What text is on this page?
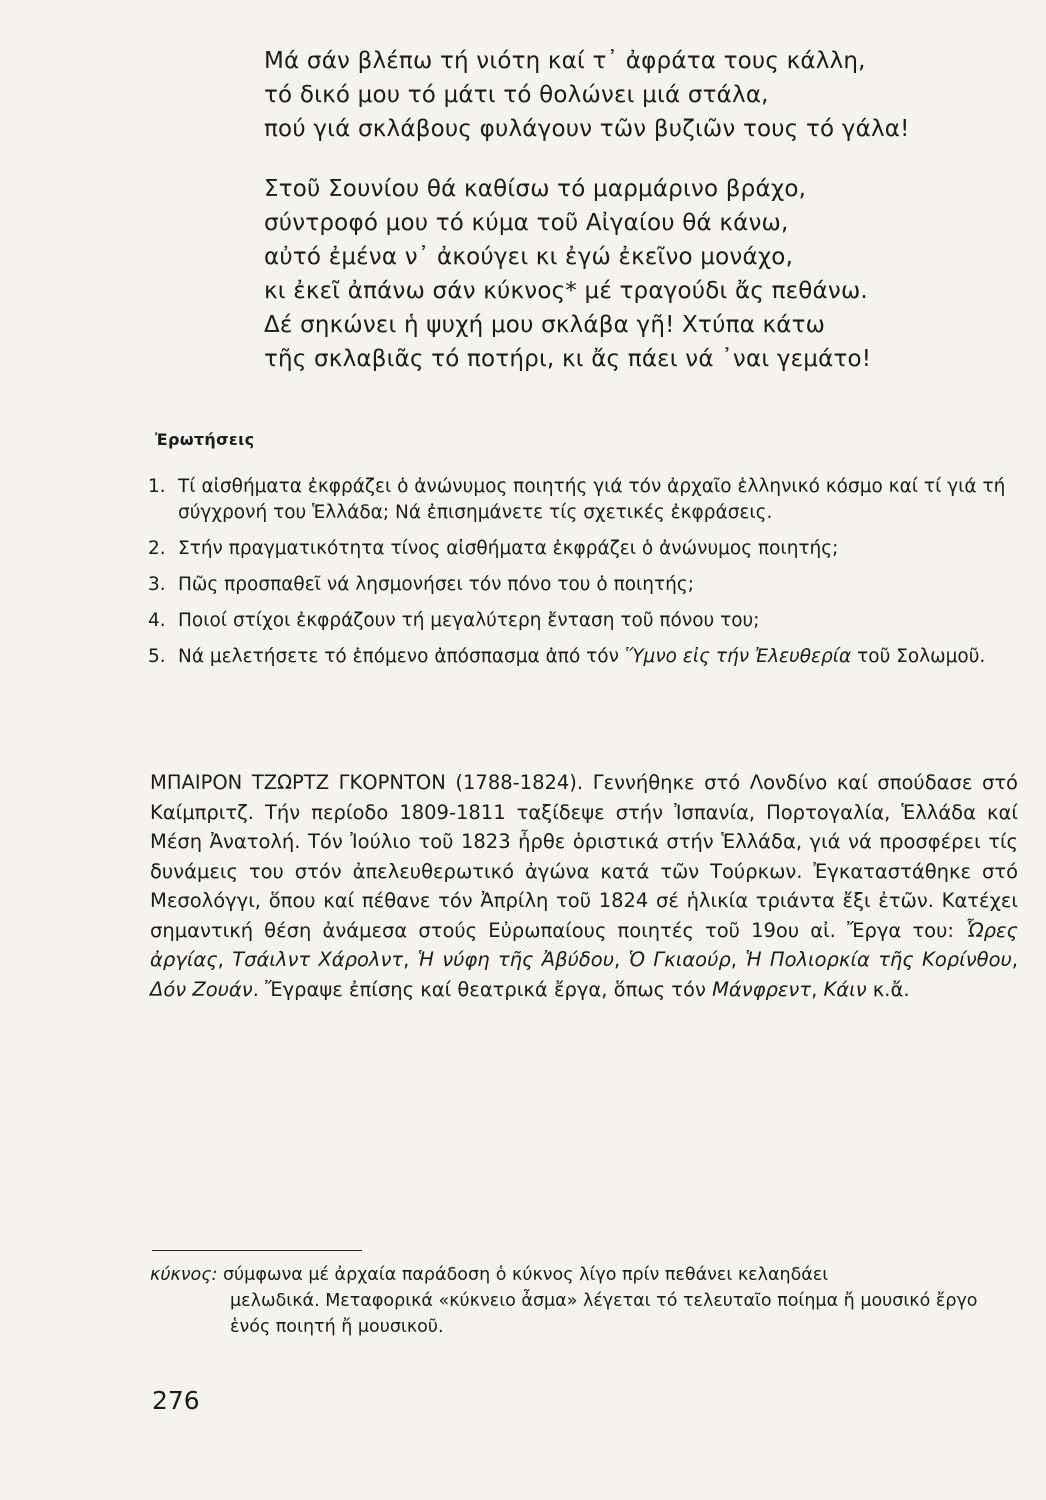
Μά σάν βλέπω τή νιότη καί τ᾽ ἀφράτα τους κάλλη,
τό δικό μου τό μάτι τό θολώνει μιά στάλα,
πού γιά σκλάβους φυλάγουν τῶν βυζιῶν τους τό γάλα!
Στοῦ Σουνίου θά καθίσω τό μαρμάρινο βράχο,
σύντροφό μου τό κύμα τοῦ Αἰγαίου θά κάνω,
αὐτό ἐμένα ν᾽ ἀκούγει κι ἐγώ ἐκεῖνο μονάχο,
κι ἐκεῖ ἀπάνω σάν κύκνος* μέ τραγούδι ἄς πεθάνω.
Δέ σηκώνει ἡ ψυχή μου σκλάβα γῆ! Χτύπα κάτω
τῆς σκλαβιᾶς τό ποτήρι, κι ἄς πάει νά ᾽ναι γεμάτο!
Ἐρωτήσεις
1. Τί αἰσθήματα ἐκφράζει ὁ ἀνώνυμος ποιητής γιά τόν ἀρχαῖο ἑλληνικό κόσμο καί τί γιά τή σύγχρονή του Ἑλλάδα; Νά ἐπισημάνετε τίς σχετικές ἐκφράσεις.
2. Στήν πραγματικότητα τίνος αἰσθήματα ἐκφράζει ὁ ἀνώνυμος ποιητής;
3. Πῶς προσπαθεῖ νά λησμονήσει τόν πόνο του ὁ ποιητής;
4. Ποιοί στίχοι ἐκφράζουν τή μεγαλύτερη ἔνταση τοῦ πόνου του;
5. Νά μελετήσετε τό ἑπόμενο ἀπόσπασμα ἀπό τόν Ὕμνο εἰς τήν Ἐλευθερία τοῦ Σολωμοῦ.
ΜΠΑΙΡΟΝ ΤΖΩΡΤΖ ΓΚΟΡΝΤΟΝ (1788-1824). Γεννήθηκε στό Λονδίνο καί σπούδασε στό Καίμπριτζ. Τήν περίοδο 1809-1811 ταξίδεψε στήν Ἰσπανία, Πορτογαλία, Ἑλλάδα καί Μέση Ἀνατολή. Τόν Ἰούλιο τοῦ 1823 ἦρθε ὁριστικά στήν Ἑλλάδα, γιά νά προσφέρει τίς δυνάμεις του στόν ἀπελευθερωτικό ἀγώνα κατά τῶν Τούρκων. Ἐγκαταστάθηκε στό Μεσολόγγι, ὅπου καί πέθανε τόν Ἀπρίλη τοῦ 1824 σέ ἡλικία τριάντα ἔξι ἐτῶν. Κατέχει σημαντική θέση ἀνάμεσα στούς Εὐρωπαίους ποιητές τοῦ 19ου αἰ. Ἔργα του: Ὧρες ἀργίας, Τσάιλντ Χάρολντ, Ἡ νύφη τῆς Ἀβύδου, Ὁ Γκιαούρ, Ἡ Πολιορκία τῆς Κορίνθου, Δόν Ζουάν. Ἔγραψε ἐπίσης καί θεατρικά ἔργα, ὅπως τόν Μάνφρεντ, Κάιν κ.ἄ.
κύκνος: σύμφωνα μέ ἀρχαία παράδοση ὁ κύκνος λίγο πρίν πεθάνει κελαηδάει
μελωδικά. Μεταφορικά «κύκνειο ἆσμα» λέγεται τό τελευταῖο ποίημα ἤ μουσικό ἔργο ἑνός ποιητή ἤ μουσικοῦ.
276
